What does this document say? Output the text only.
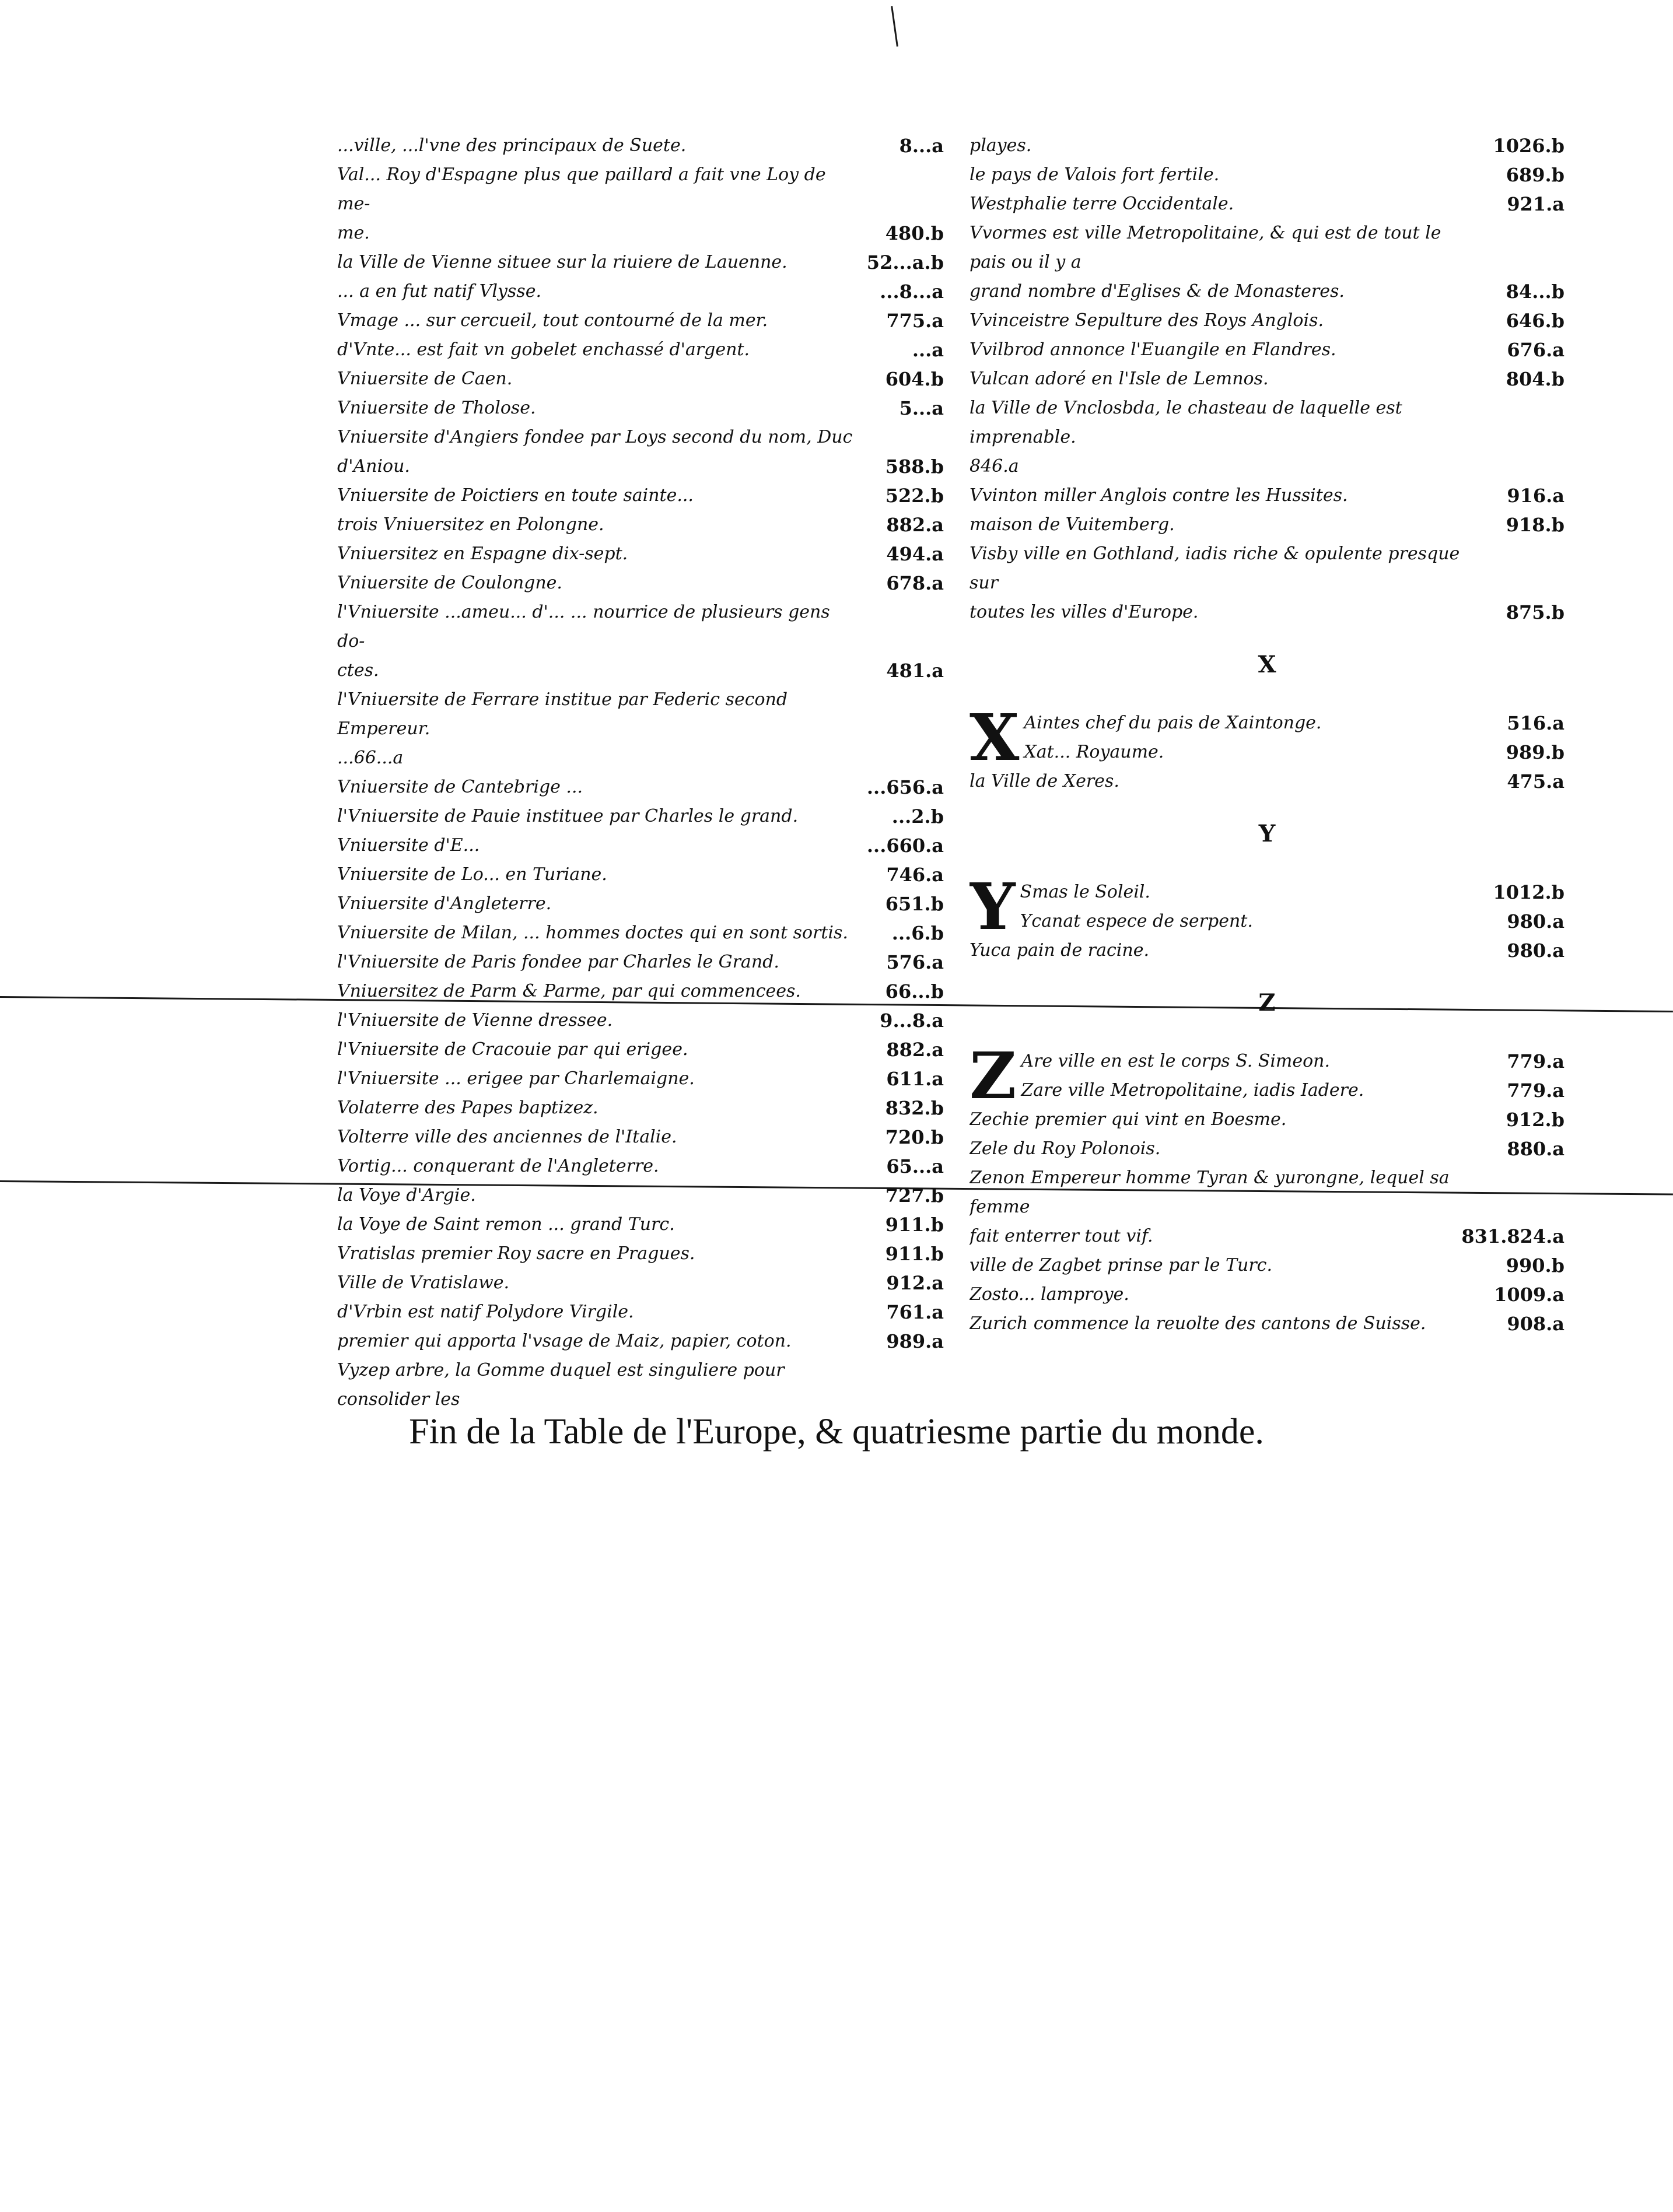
...ville, ...l'vne des principaux de Suete.	8...a
Val... Roy d'Espagne plus que paillard a fait vne Loy de me-
me.	480.b
la Ville de Vienne situee sur la riuiere de Lauenne.	52...a.b
... a en fut natif Vlysse.	...8...a
Vmage ... sur cercueil, tout contourné de la mer.	775.a
d'Vnte... est fait vn gobelet enchassé d'argent.	...a
Vniuersite de Caen.	604.b
Vniuersite de Tholose.	5...a
Vniuersite d'Angiers fondee par Loys second du nom, Duc
d'Aniou.	588.b
Vniuersite de Poictiers en toute sainte...	522.b
trois Vniuersitez en Polongne.	882.a
Vniuersitez en Espagne dix-sept.	494.a
Vniuersite de Coulongne.	678.a
l'Vniuersite ...ameu... d'... ... nourrice de plusieurs gens do-
ctes.	481.a
l'Vniuersite de Ferrare institue par Federic second Empereur.
...66...a
Vniuersite de Cantebrige ...	...656.a
l'Vniuersite de Pauie instituee par Charles le grand.	...2.b
Vniuersite d'E...	...660.a
Vniuersite de Lo... en Turiane.	746.a
Vniuersite d'Angleterre.	651.b
Vniuersite de Milan, ... hommes doctes qui en sont sortis.	...6.b
l'Vniuersite de Paris fondee par Charles le Grand.	576.a
Vniuersitez de Parm & Parme, par qui commencees.	66...b
l'Vniuersite de Vienne dressee.	9...8.a
l'Vniuersite de Cracouie par qui erigee.	882.a
l'Vniuersite ... erigee par Charlemaigne.	611.a
Volaterre des Papes baptizez.	832.b
Volterre ville des anciennes de l'Italie.	720.b
Vortig... conquerant de l'Angleterre.	65...a
la Voye d'Argie.	727.b
la Voye de Saint remon ... grand Turc.	911.b
Vratislas premier Roy sacre en Pragues.	911.b
Ville de Vratislawe.	912.a
d'Vrbin est natif Polydore Virgile.	761.a
premier qui apporta l'vsage de Maiz, papier, coton.	989.a
Vyzep arbre, la Gomme duquel est singuliere pour consolider les
playes.	1026.b
le pays de Valois fort fertile.	689.b
Westphalie terre Occidentale.	921.a
Vvormes est ville Metropolitaine, & qui est de tout le pais ou il y a
grand nombre d'Eglises & de Monasteres.	84...b
Vvinceistre Sepulture des Roys Anglois.	646.b
Vvilbrod annonce l'Euangile en Flandres.	676.a
Vulcan adoré en l'Isle de Lemnos.	804.b
la Ville de Vnclosbda, le chasteau de laquelle est imprenable.
846.a
Vvinton miller Anglois contre les Hussites.	916.a
maison de Vuitemberg.	918.b
Visby ville en Gothland, iadis riche & opulente presque sur
toutes les villes d'Europe.	875.b
X
X Aintes chef du pais de Xaintonge.	516.a
Xat... Royaume.	989.b
la Ville de Xeres.	475.a
Y
Y Smas le Soleil.	1012.b
Ycanat espece de serpent.	980.a
Yuca pain de racine.	980.a
Z
Z Are ville en est le corps S. Simeon.	779.a
Zare ville Metropolitaine, iadis Iadere.	779.a
Zechie premier qui vint en Boesme.	912.b
Zele du Roy Polonois.	880.a
Zenon Empereur homme Tyran & yurongne, lequel sa femme
fait enterrer tout vif.	831.824.a
ville de Zagbet prinse par le Turc.	990.b
Zosto... lamproye.	1009.a
Zurich commence la reuolte des cantons de Suisse.	908.a
Fin de la Table de l'Europe, & quatriesme partie du monde.
